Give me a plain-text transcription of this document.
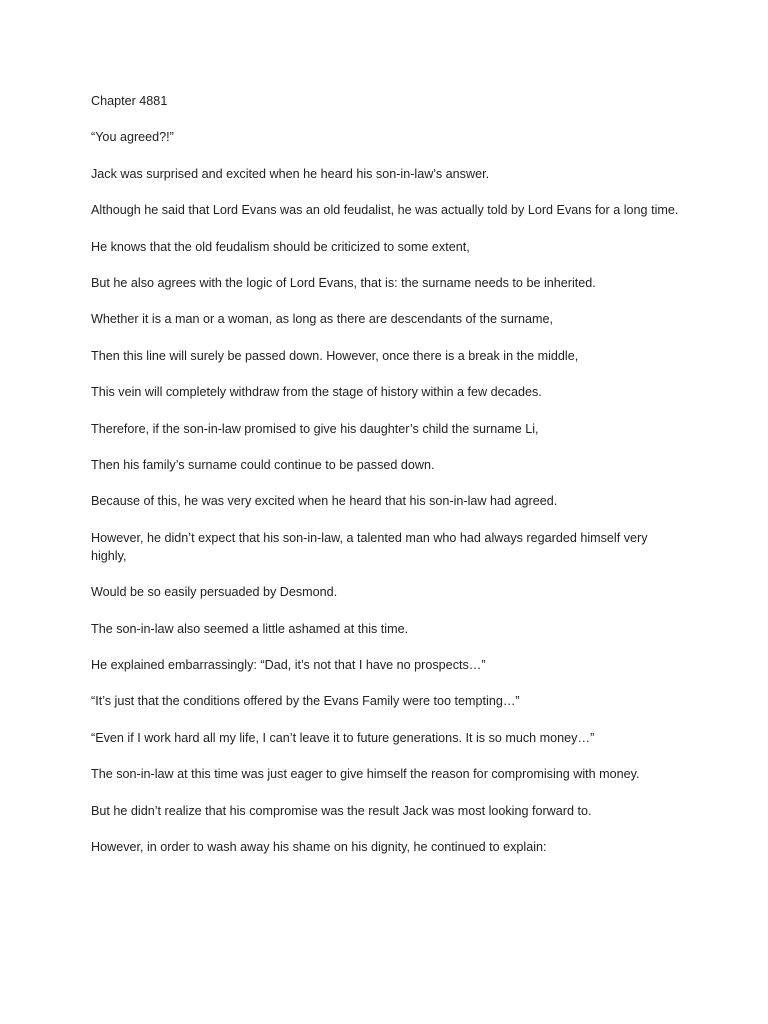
Chapter 4881

“You agreed?!”

Jack was surprised and excited when he heard his son-in-law’s answer.

Although he said that Lord Evans was an old feudalist, he was actually told by Lord Evans for a long time.

He knows that the old feudalism should be criticized to some extent,

But he also agrees with the logic of Lord Evans, that is: the surname needs to be inherited.

Whether it is a man or a woman, as long as there are descendants of the surname,

Then this line will surely be passed down. However, once there is a break in the middle,

This vein will completely withdraw from the stage of history within a few decades.

Therefore, if the son-in-law promised to give his daughter’s child the surname Li,

Then his family’s surname could continue to be passed down.

Because of this, he was very excited when he heard that his son-in-law had agreed.

However, he didn’t expect that his son-in-law, a talented man who had always regarded himself very highly,

Would be so easily persuaded by Desmond.

The son-in-law also seemed a little ashamed at this time.

He explained embarrassingly: “Dad, it’s not that I have no prospects…”

“It’s just that the conditions offered by the Evans Family were too tempting…”

“Even if I work hard all my life, I can’t leave it to future generations. It is so much money…”

The son-in-law at this time was just eager to give himself the reason for compromising with money.

But he didn’t realize that his compromise was the result Jack was most looking forward to.

However, in order to wash away his shame on his dignity, he continued to explain:
